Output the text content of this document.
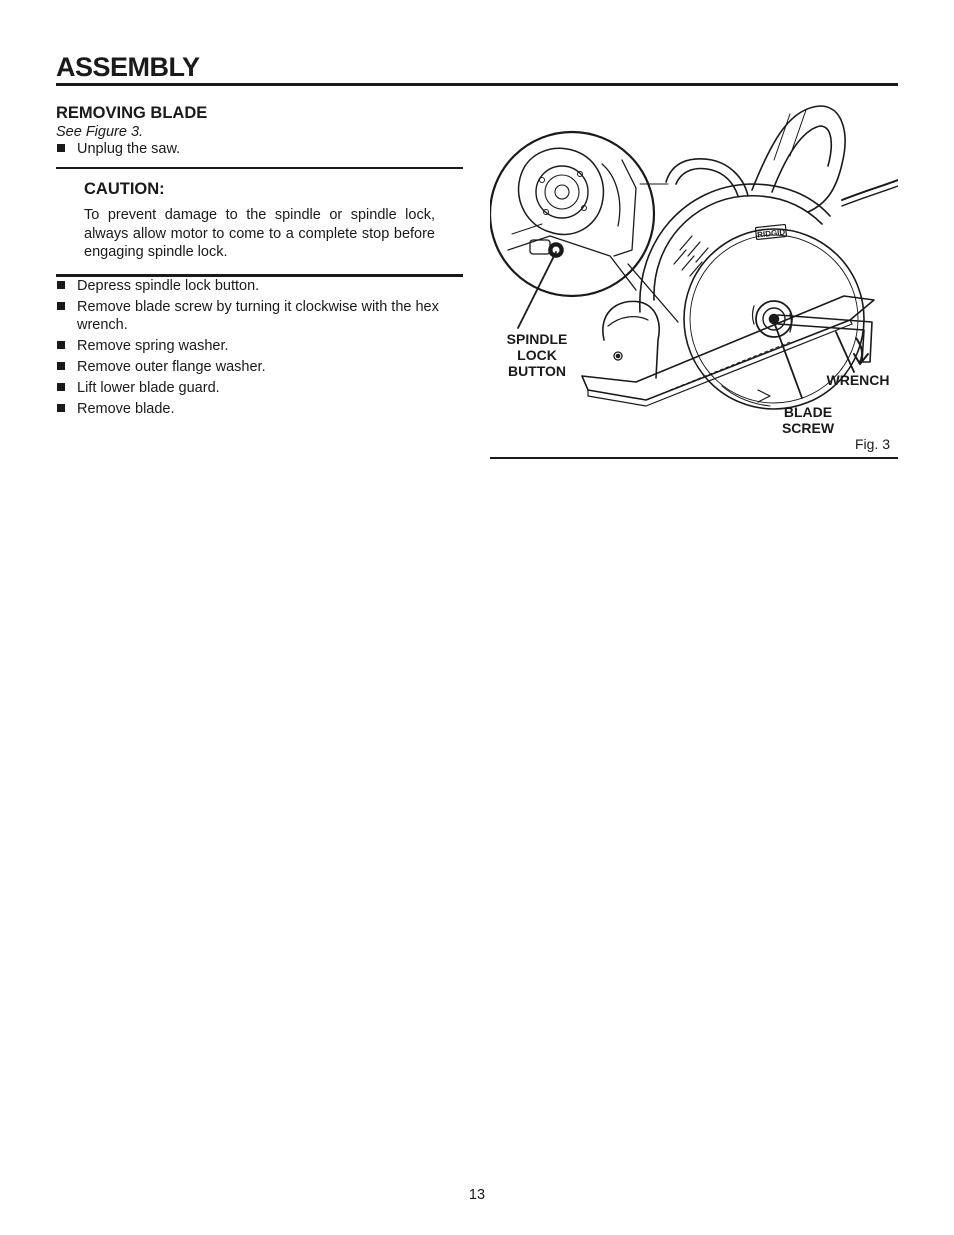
ASSEMBLY
REMOVING BLADE

See Figure 3.

Unplug the saw.
CAUTION:

To prevent damage to the spindle or spindle lock, always allow motor to come to a complete stop before engaging spindle lock.

Depress spindle lock button.
Remove blade screw by turning it clockwise with the hex wrench.
Remove spring washer.
Remove outer flange washer.
Lift lower blade guard.
Remove blade.
RIDGID
SPINDLE
LOCK BUTTON
WRENCH
BLADE
SCREW
Fig. 3
13
